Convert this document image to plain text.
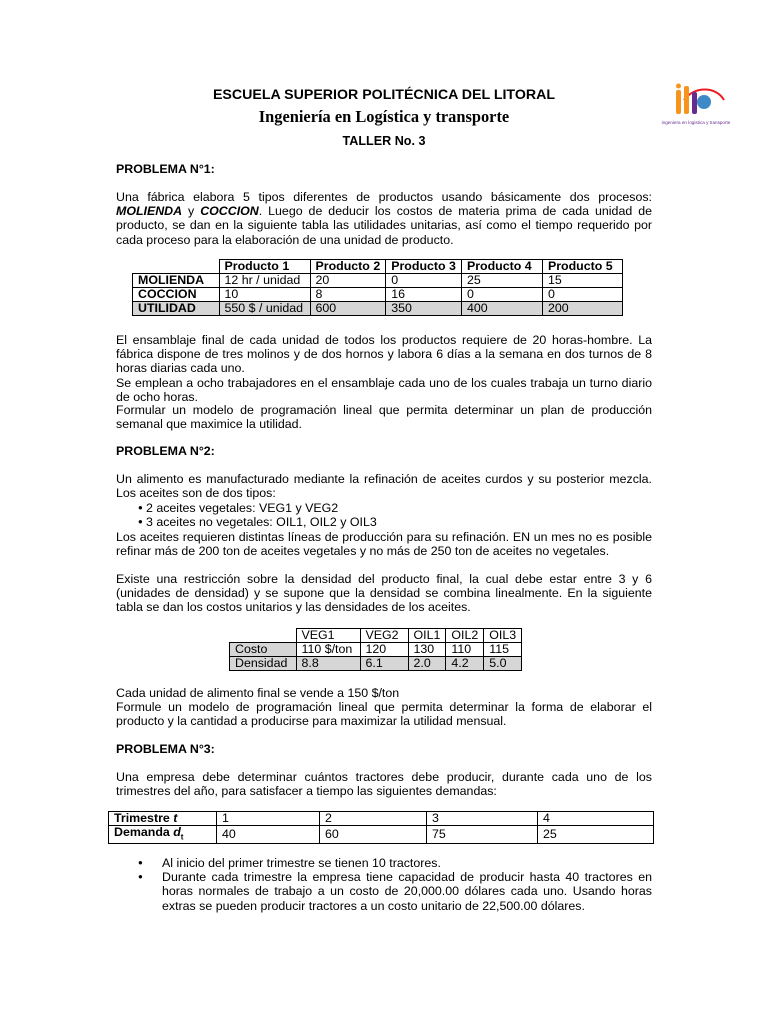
ingeniera en logistica y transporte
ESCUELA SUPERIOR POLITÉCNICA DEL LITORAL
Ingeniería en Logística y transporte
TALLER No. 3
PROBLEMA N°1:
Una fábrica elabora 5 tipos diferentes de productos usando básicamente dos procesos: MOLIENDA y COCCION. Luego de deducir los costos de materia prima de cada unidad de producto, se dan en la siguiente tabla las utilidades unitarias, así como el tiempo requerido por cada proceso para la elaboración de una unidad de producto.
	Producto 1	Producto 2	Producto 3	Producto 4	Producto 5
MOLIENDA	12 hr / unidad	20	0	25	15
COCCION	10	8	16	0	0
UTILIDAD	550 $ / unidad	600	350	400	200
El ensamblaje final de cada unidad de todos los productos requiere de 20 horas-hombre. La fábrica dispone de tres molinos y de dos hornos y labora 6 días a la semana en dos turnos de 8 horas diarias cada uno.
Se emplean a ocho trabajadores en el ensamblaje cada uno de los cuales trabaja un turno diario de ocho horas.
Formular un modelo de programación lineal que permita determinar un plan de producción semanal que maximice la utilidad.
PROBLEMA N°2:
Un alimento es manufacturado mediante la refinación de aceites curdos y su posterior mezcla. Los aceites son de dos tipos:
● 2 aceites vegetales: VEG1 y VEG2
● 3 aceites no vegetales: OIL1, OIL2 y OIL3
Los aceites requieren distintas líneas de producción para su refinación. EN un mes no es posible refinar más de 200 ton de aceites vegetales y no más de 250 ton de aceites no vegetales.
Existe una restricción sobre la densidad del producto final, la cual debe estar entre 3 y 6 (unidades de densidad) y se supone que la densidad se combina linealmente. En la siguiente tabla se dan los costos unitarios y las densidades de los aceites.
	VEG1	VEG2	OIL1	OIL2	OIL3
Costo	110 $/ton	120	130	110	115
Densidad	8.8	6.1	2.0	4.2	5.0
Cada unidad de alimento final se vende a 150 $/ton
Formule un modelo de programación lineal que permita determinar la forma de elaborar el producto y la cantidad a producirse para maximizar la utilidad mensual.
PROBLEMA N°3:
Una empresa debe determinar cuántos tractores debe producir, durante cada uno de los trimestres del año, para satisfacer a tiempo las siguientes demandas:
Trimestre t	1	2	3	4
Demanda $d_t$	40	60	75	25
● Al inicio del primer trimestre se tienen 10 tractores.
● Durante cada trimestre la empresa tiene capacidad de producir hasta 40 tractores en horas normales de trabajo a un costo de 20,000.00 dólares cada uno. Usando horas extras se pueden producir tractores a un costo unitario de 22,500.00 dólares.
